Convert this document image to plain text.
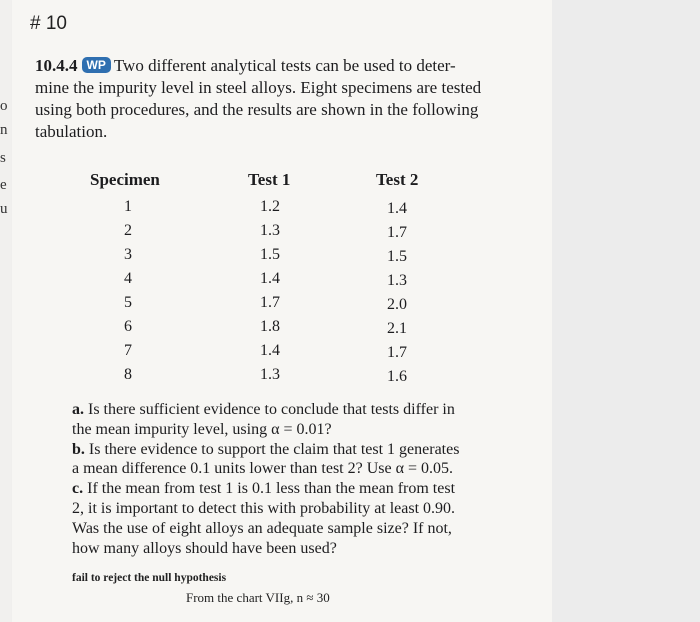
o
n
s
e
u
# 10
10.4.4 WP Two different analytical tests can be used to deter-
mine the impurity level in steel alloys. Eight specimens are tested
using both procedures, and the results are shown in the following
tabulation.
Specimen	Test 1	Test 2
1	1.2	1.4
2	1.3	1.7
3	1.5	1.5
4	1.4	1.3
5	1.7	2.0
6	1.8	2.1
7	1.4	1.7
8	1.3	1.6
a. Is there sufficient evidence to conclude that tests differ in
the mean impurity level, using α = 0.01?
b. Is there evidence to support the claim that test 1 generates
a mean difference 0.1 units lower than test 2? Use α = 0.05.
c. If the mean from test 1 is 0.1 less than the mean from test
2, it is important to detect this with probability at least 0.90.
Was the use of eight alloys an adequate sample size? If not,
how many alloys should have been used?
fail to reject the null hypothesis
From the chart VIIg, n ≈ 30
